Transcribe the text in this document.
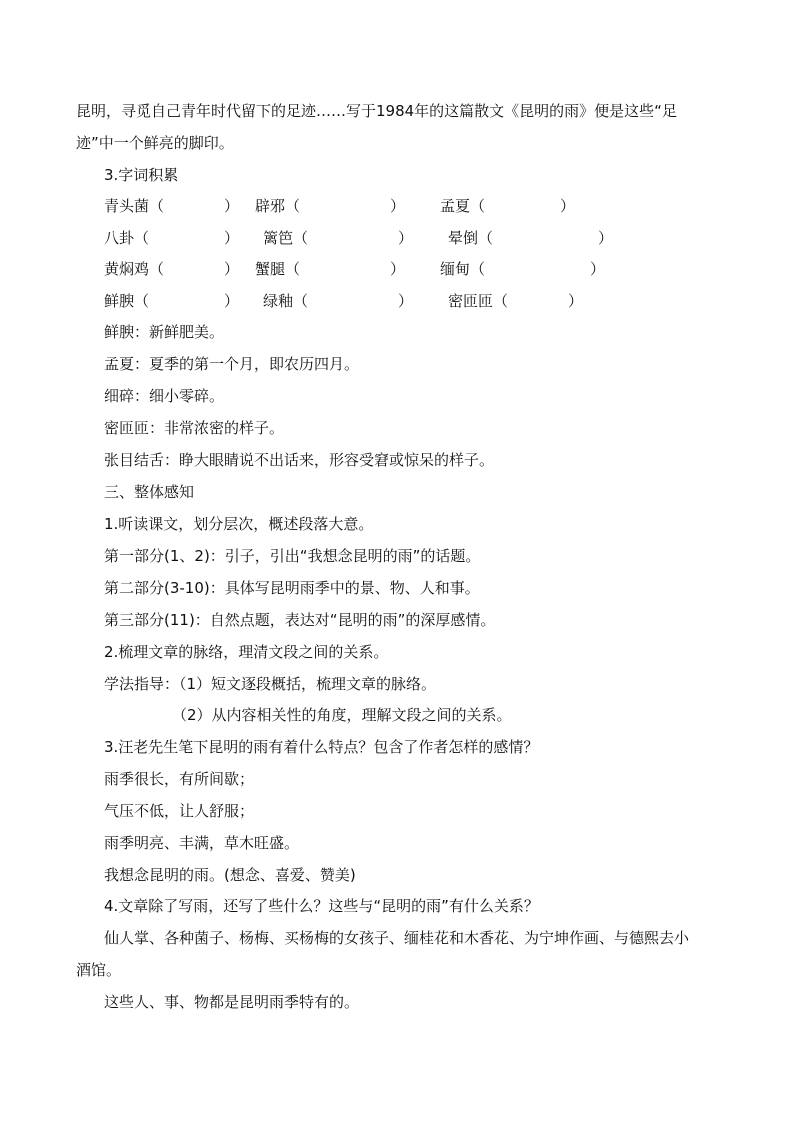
昆明，寻觅自己青年时代留下的足迹……写于1984年的这篇散文《昆明的雨》便是这些“足
迹”中一个鲜亮的脚印。
3.字词积累
青头菌（　　　　） 辟邪（　　　　　　） 孟夏（　　　　　）
八卦（　　　　　） 篱笆（　　　　　　） 晕倒（　　　　　　　）
黄焖鸡（　　　　） 蟹腿（　　　　　　） 缅甸（　　　　　　　）
鲜腴（　　　　　） 绿釉（　　　　　　） 密匝匝（　　　　）
鲜腴：新鲜肥美。
孟夏：夏季的第一个月，即农历四月。
细碎：细小零碎。
密匝匝：非常浓密的样子。
张目结舌：睁大眼睛说不出话来，形容受窘或惊呆的样子。
三、整体感知
1.听读课文，划分层次，概述段落大意。
第一部分(1、2)：引子，引出“我想念昆明的雨”的话题。
第二部分(3-10)：具体写昆明雨季中的景、物、人和事。
第三部分(11)：自然点题，表达对“昆明的雨”的深厚感情。
2.梳理文章的脉络，理清文段之间的关系。
学法指导：（1）短文逐段概括，梳理文章的脉络。
（2）从内容相关性的角度，理解文段之间的关系。
3.汪老先生笔下昆明的雨有着什么特点？包含了作者怎样的感情？
雨季很长，有所间歇；
气压不低，让人舒服；
雨季明亮、丰满，草木旺盛。
我想念昆明的雨。(想念、喜爱、赞美)
4.文章除了写雨，还写了些什么？这些与“昆明的雨”有什么关系？
仙人掌、各种菌子、杨梅、买杨梅的女孩子、缅桂花和木香花、为宁坤作画、与德熙去小
酒馆。
这些人、事、物都是昆明雨季特有的。
